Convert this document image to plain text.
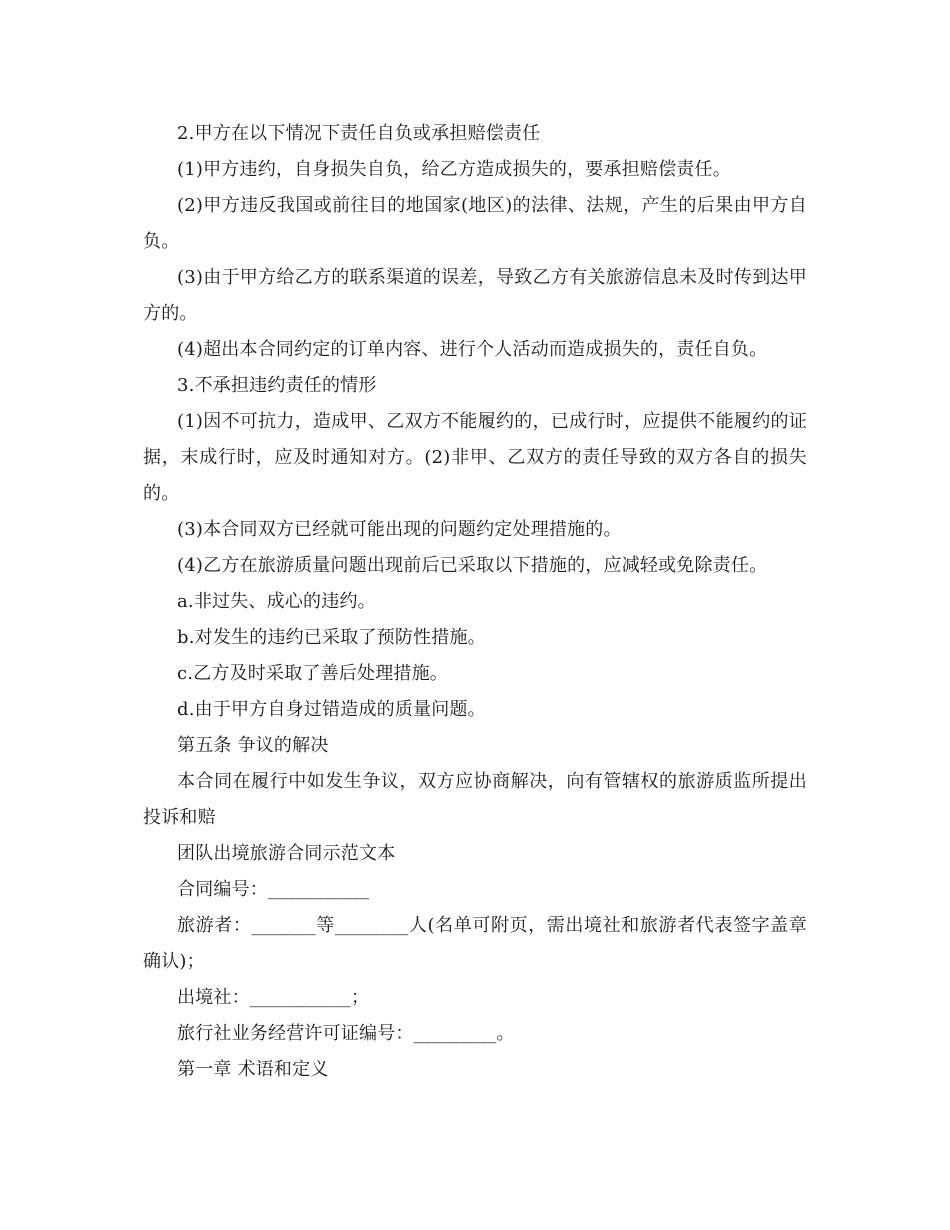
2.甲方在以下情况下责任自负或承担赔偿责任

(1)甲方违约，自身损失自负，给乙方造成损失的，要承担赔偿责任。

(2)甲方违反我国或前往目的地国家(地区)的法律、法规，产生的后果由甲方自负。

(3)由于甲方给乙方的联系渠道的误差，导致乙方有关旅游信息未及时传到达甲方的。

(4)超出本合同约定的订单内容、进行个人活动而造成损失的，责任自负。

3.不承担违约责任的情形

(1)因不可抗力，造成甲、乙双方不能履约的，已成行时，应提供不能履约的证据，末成行时，应及时通知对方。(2)非甲、乙双方的责任导致的双方各自的损失的。

(3)本合同双方已经就可能出现的问题约定处理措施的。

(4)乙方在旅游质量问题出现前后已采取以下措施的，应减轻或免除责任。

a.非过失、成心的违约。

b.对发生的违约已采取了预防性措施。

c.乙方及时采取了善后处理措施。

d.由于甲方自身过错造成的质量问题。

第五条 争议的解决

本合同在履行中如发生争议，双方应协商解决，向有管辖权的旅游质监所提出投诉和赔

团队出境旅游合同示范文本

合同编号：___________

旅游者：_______等________人(名单可附页，需出境社和旅游者代表签字盖章确认)；

出境社：___________；

旅行社业务经营许可证编号：_________。

第一章 术语和定义
